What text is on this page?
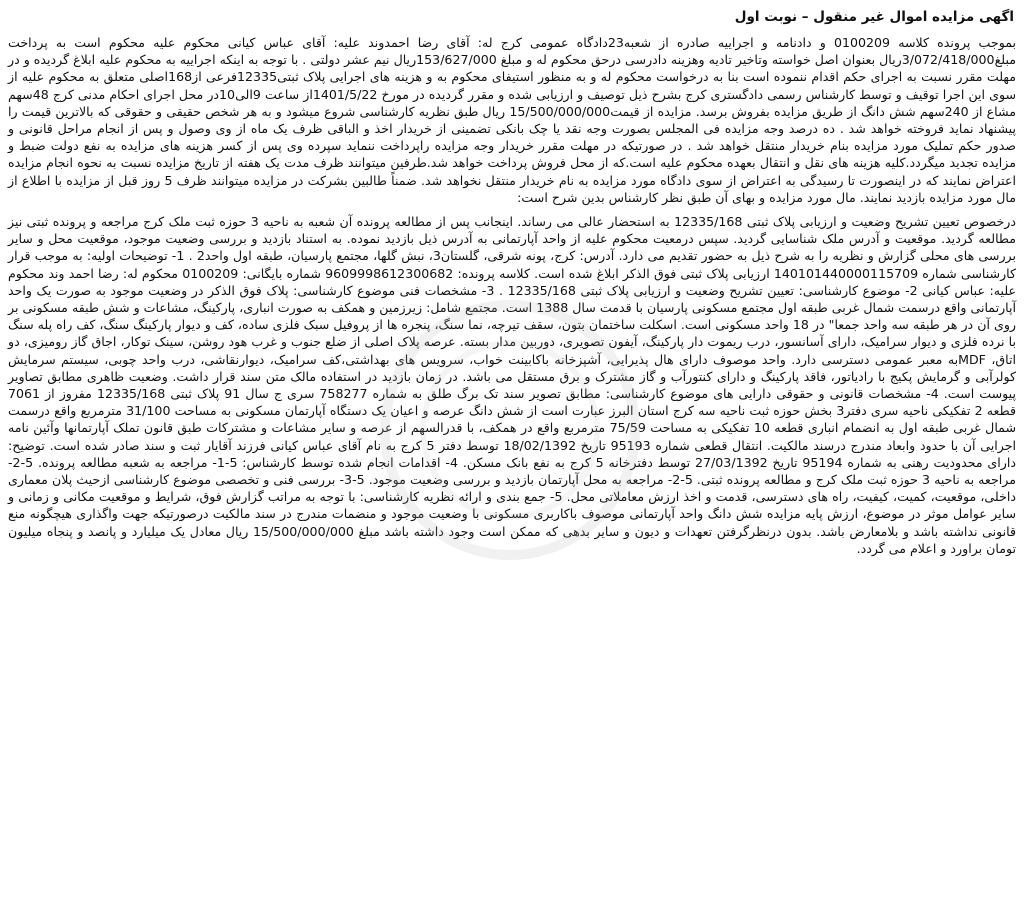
اگهی مزایده اموال غیر منقول – نوبت اول

بموجب پرونده کلاسه 0100209 و دادنامه و اجراییه صادره از شعبه23دادگاه عمومی کرج له: آقای رضا احمدوند علیه: آقای عباس کیانی محکوم علیه محکوم است به پرداخت مبلغ3/072/418/000ریال بعنوان اصل خواسته وتاخیر تادیه وهزینه دادرسی درحق محکوم له و مبلغ 153/627/000ریال نیم عشر دولتی . با توجه به اینکه اجراییه به محکوم علیه ابلاغ گردیده و در مهلت مقرر نسبت به اجرای حکم اقدام ننموده است بنا به درخواست محکوم له و به منظور استیفای محکوم به و هزینه های اجرایی پلاک ثبتی12335فرعی از168اصلی متعلق به محکوم علیه از سوی این اجرا توقیف و توسط کارشناس رسمی دادگستری کرج بشرح ذیل توصیف و ارزیابی شده و مقرر گردیده در مورخ 1401/5/22از ساعت 9الی10در محل اجرای احکام مدنی کرج 48سهم مشاع از 240سهم شش دانگ از طریق مزایده بفروش برسد. مزایده از قیمت15/500/000/000 ریال طبق نظریه کارشناسی شروع میشود و به هر شخص حقیقی و حقوقی که بالاترین قیمت را پیشنهاد نماید فروخته خواهد شد . ده درصد وجه مزایده فی المجلس بصورت وجه نقد یا چک بانکی تضمینی از خریدار اخذ و الباقی ظرف یک ماه از وی وصول و پس از انجام مراحل قانونی و صدور حکم تملیک مورد مزایده بنام خریدار منتقل خواهد شد . در صورتیکه در مهلت مقرر خریدار وجه مزایده راپرداخت ننماید سپرده وی پس از کسر هزینه های مزایده به نفع دولت ضبط و مزایده تجدید میگردد.کلیه هزینه های نقل و انتقال بعهده محکوم علیه است.که از محل فروش پرداخت خواهد شد.طرفین میتوانند ظرف مدت یک هفته از تاریخ مزایده نسبت به نحوه انجام مزایده اعتراض نمایند که در اینصورت تا رسیدگی به اعتراض از سوی دادگاه مورد مزایده به نام خریدار منتقل نخواهد شد. ضمناً طالبین بشرکت در مزایده میتوانند ظرف 5 روز قبل از مزایده با اطلاع از مال مورد مزایده بازدید نمایند. مال مورد مزایده و بهای آن طبق نظر کارشناس بدین شرح است:

درخصوص تعیین تشریح وضعیت و ارزیابی پلاک ثبتی 12335/168 به استحضار عالی می رساند. اینجانب پس از مطالعه پرونده آن شعبه به ناحیه 3 حوزه ثبت ملک کرج مراجعه و پرونده ثبتی نیز مطالعه گردید. موقعیت و آدرس ملک شناسایی گردید. سپس درمعیت محکوم علیه از واحد آپارتمانی به آدرس ذیل بازدید نموده. به استناد بازدید و بررسی وضعیت موجود، موقعیت محل و سایر بررسی های محلی گزارش و نظریه را به شرح ذیل به حضور تقدیم می دارد. آدرس: کرج، پونه شرقی، گلستان3، نبش گلها، مجتمع پارسیان، طبقه اول واحد2 . 1- توضیحات اولیه: به موجب قرار کارشناسی شماره 140101440000115709 ارزیابی پلاک ثبتی فوق الذکر ابلاغ شده است. کلاسه پرونده: 9609998612300682 شماره بایگانی: 0100209 محکوم له: رضا احمد وند محکوم علیه: عباس کیانی 2- موضوع کارشناسی: تعیین تشریح وضعیت و ارزیابی پلاک ثبتی 12335/168 . 3- مشخصات فنی موضوع کارشناسی: پلاک فوق الذکر در وضعیت موجود به صورت یک واحد آپارتمانی واقع درسمت شمال غربی طبقه اول مجتمع مسکونی پارسیان با قدمت سال 1388 است. مجتمع شامل: زیرزمین و همکف به صورت انباری، پارکینگ، مشاعات و شش طبقه مسکونی بر روی آن در هر طبقه سه واحد جمعا" در 18 واحد مسکونی است. اسکلت ساختمان بتون، سقف تیرچه، نما سنگ، پنجره ها از پروفیل سبک فلزی ساده، کف و دیوار پارکینگ سنگ، کف راه پله سنگ با نرده فلزی و دیوار سرامیک، دارای آسانسور، درب ریموت دار پارکینگ، آیفون تصویری، دوربین مدار بسته. عرصه پلاک اصلی از ضلع جنوب و غرب هود روشن، سینک توکار، اجاق گاز رومیزی، دو اتاق، MDFبه معبر عمومی دسترسی دارد. واحد موصوف دارای هال پذیرایی، آشپزخانه باکابینت خواب، سرویس های بهداشتی،کف سرامیک، دیوارنقاشی، درب واحد چوبی، سیستم سرمایش کولرآبی و گرمایش پکیج با رادیاتور، فاقد پارکینگ و دارای کنتورآب و گاز مشترک و برق مستقل می باشد. در زمان بازدید در استفاده مالک متن سند قرار داشت. وضعیت ظاهری مطابق تصاویر پیوست است. 4- مشخصات قانونی و حقوقی دارایی های موضوع کارشناسی: مطابق تصویر سند تک برگ طلق به شماره 758277 سری ج سال 91 پلاک ثبتی 12335/168 مفروز از 7061 قطعه 2 تفکیکی ناحیه سری دفتر3 بخش حوزه ثبت ناحیه سه کرج استان البرز عبارت است از شش دانگ عرصه و اعیان یک دستگاه آپارتمان مسکونی به مساحت 31/100 مترمربع واقع درسمت شمال غربی طبقه اول به انضمام انباری قطعه 10 تفکیکی به مساحت 75/59 مترمربع واقع در همکف، با قدرالسهم از عرصه و سایر مشاعات و مشترکات طبق قانون تملک آپارتمانها وآئین نامه اجرایی آن با حدود وابعاد مندرج درسند مالکیت. انتقال قطعی شماره 95193 تاریخ 18/02/1392 توسط دفتر 5 کرج به نام آقای عباس کیانی فرزند آقایار ثبت و سند صادر شده است. توضیح: دارای محدودیت رهنی به شماره 95194 تاریخ 27/03/1392 توسط دفترخانه 5 کرج به نفع بانک مسکن. 4- اقدامات انجام شده توسط کارشناس: 5-1- مراجعه به شعبه مطالعه پرونده. 5-2- مراجعه به ناحیه 3 حوزه ثبت ملک کرج و مطالعه پرونده ثبتی. 5-2- مراجعه به محل آپارتمان بازدید و بررسی وضعیت موجود. 5-3- بررسی فنی و تخصصی موضوع کارشناسی ازحیث پلان معماری داخلی، موقعیت، کمیت، کیفیت، راه های دسترسی، قدمت و اخذ ارزش معاملاتی محل. 5- جمع بندی و ارائه نظریه کارشناسی: با توجه به مراتب گزارش فوق، شرایط و موقعیت مکانی و زمانی و سایر عوامل موثر در موضوع، ارزش پایه مزایده شش دانگ واحد آپارتمانی موصوف باکاربری مسکونی با وضعیت موجود و منضمات مندرج در سند مالکیت درصورتیکه جهت واگذاری هیچگونه منع قانونی نداشته باشد و بلامعارض باشد. بدون درنظرگرفتن تعهدات و دیون و سایر بدهی که ممکن است وجود داشته باشد مبلغ 15/500/000/000 ریال معادل یک میلیارد و پانصد و پنجاه میلیون تومان براورد و اعلام می گردد.
